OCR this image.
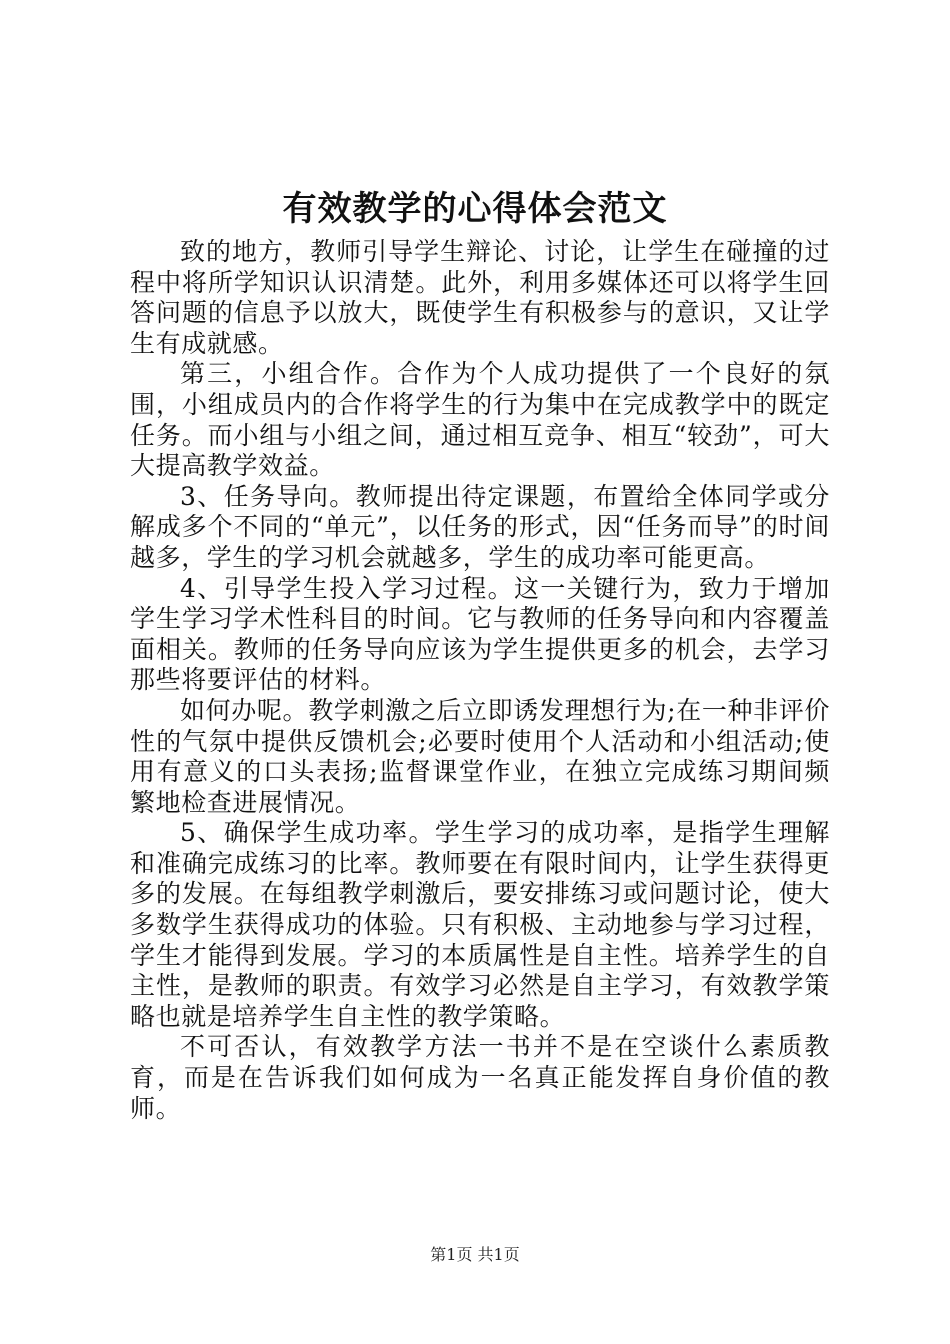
有效教学的心得体会范文

致的地方，教师引导学生辩论、讨论，让学生在碰撞的过程中将所学知识认识清楚。此外，利用多媒体还可以将学生回答问题的信息予以放大，既使学生有积极参与的意识，又让学生有成就感。

第三，小组合作。合作为个人成功提供了一个良好的氛围，小组成员内的合作将学生的行为集中在完成教学中的既定任务。而小组与小组之间，通过相互竞争、相互“较劲”，可大大提高教学效益。

3、任务导向。教师提出待定课题，布置给全体同学或分解成多个不同的“单元”，以任务的形式，因“任务而导”的时间越多，学生的学习机会就越多，学生的成功率可能更高。

4、引导学生投入学习过程。这一关键行为，致力于增加学生学习学术性科目的时间。它与教师的任务导向和内容覆盖面相关。教师的任务导向应该为学生提供更多的机会，去学习那些将要评估的材料。

如何办呢。教学刺激之后立即诱发理想行为;在一种非评价性的气氛中提供反馈机会;必要时使用个人活动和小组活动;使用有意义的口头表扬;监督课堂作业，在独立完成练习期间频繁地检查进展情况。

5、确保学生成功率。学生学习的成功率，是指学生理解和准确完成练习的比率。教师要在有限时间内，让学生获得更多的发展。在每组教学刺激后，要安排练习或问题讨论，使大多数学生获得成功的体验。只有积极、主动地参与学习过程，学生才能得到发展。学习的本质属性是自主性。培养学生的自主性，是教师的职责。有效学习必然是自主学习，有效教学策略也就是培养学生自主性的教学策略。

不可否认，有效教学方法一书并不是在空谈什么素质教育，而是在告诉我们如何成为一名真正能发挥自身价值的教师。

第1页 共1页
